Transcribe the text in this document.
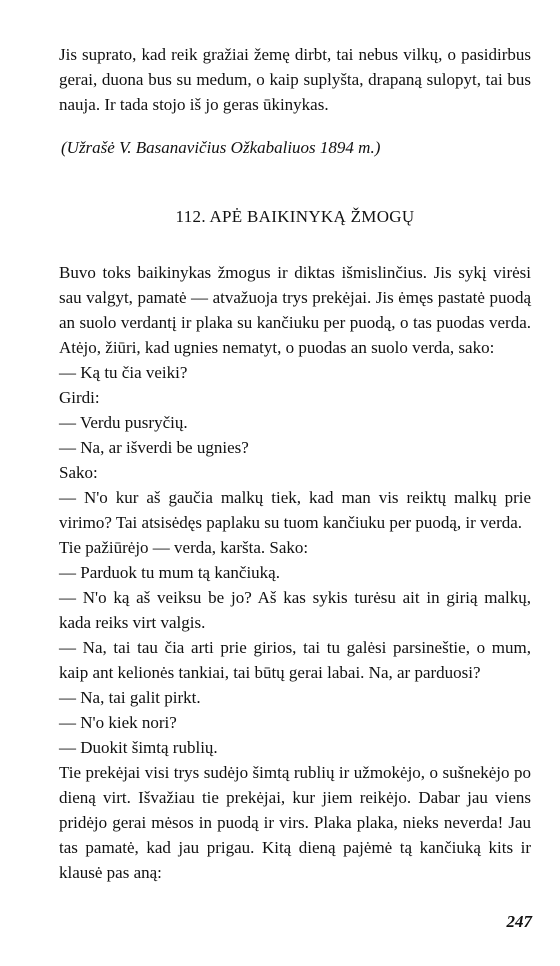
Jis suprato, kad reik gražiai žemę dirbt, tai nebus vilkų, o pasidirbus gerai, duona bus su medum, o kaip suplyšta, drapaną sulopyt, tai bus nauja. Ir tada stojo iš jo geras ūkinykas.

(Užrašė V. Basanavičius Ožkabaliuos 1894 m.)

112. APĖ BAIKINYKĄ ŽMOGŲ

Buvo toks baikinykas žmogus ir diktas išmislinčius. Jis sykį virėsi sau valgyt, pamatė — atvažuoja trys prekėjai. Jis ėmęs pastatė puodą an suolo verdantį ir plaka su kančiuku per puodą, o tas puodas verda. Atėjo, žiūri, kad ugnies nematyt, o puodas an suolo verda, sako:

— Ką tu čia veiki?

Girdi:

— Verdu pusryčių.

— Na, ar išverdi be ugnies?

Sako:

— N'o kur aš gaučia malkų tiek, kad man vis reiktų malkų prie virimo? Tai atsisėdęs paplaku su tuom kančiuku per puodą, ir verda.

Tie pažiūrėjo — verda, karšta. Sako:

— Parduok tu mum tą kančiuką.

— N'o ką aš veiksu be jo? Aš kas sykis turėsu ait in girią malkų, kada reiks virt valgis.

— Na, tai tau čia arti prie girios, tai tu galėsi parsineštie, o mum, kaip ant kelionės tankiai, tai būtų gerai labai. Na, ar parduosi?

— Na, tai galit pirkt.

— N'o kiek nori?

— Duokit šimtą rublių.

Tie prekėjai visi trys sudėjo šimtą rublių ir užmokėjo, o sušnekėjo po dieną virt. Išvažiau tie prekėjai, kur jiem reikėjo. Dabar jau viens pridėjo gerai mėsos in puodą ir virs. Plaka plaka, nieks neverda! Jau tas pamatė, kad jau prigau. Kitą dieną pajėmė tą kančiuką kits ir klausė pas aną:

247
